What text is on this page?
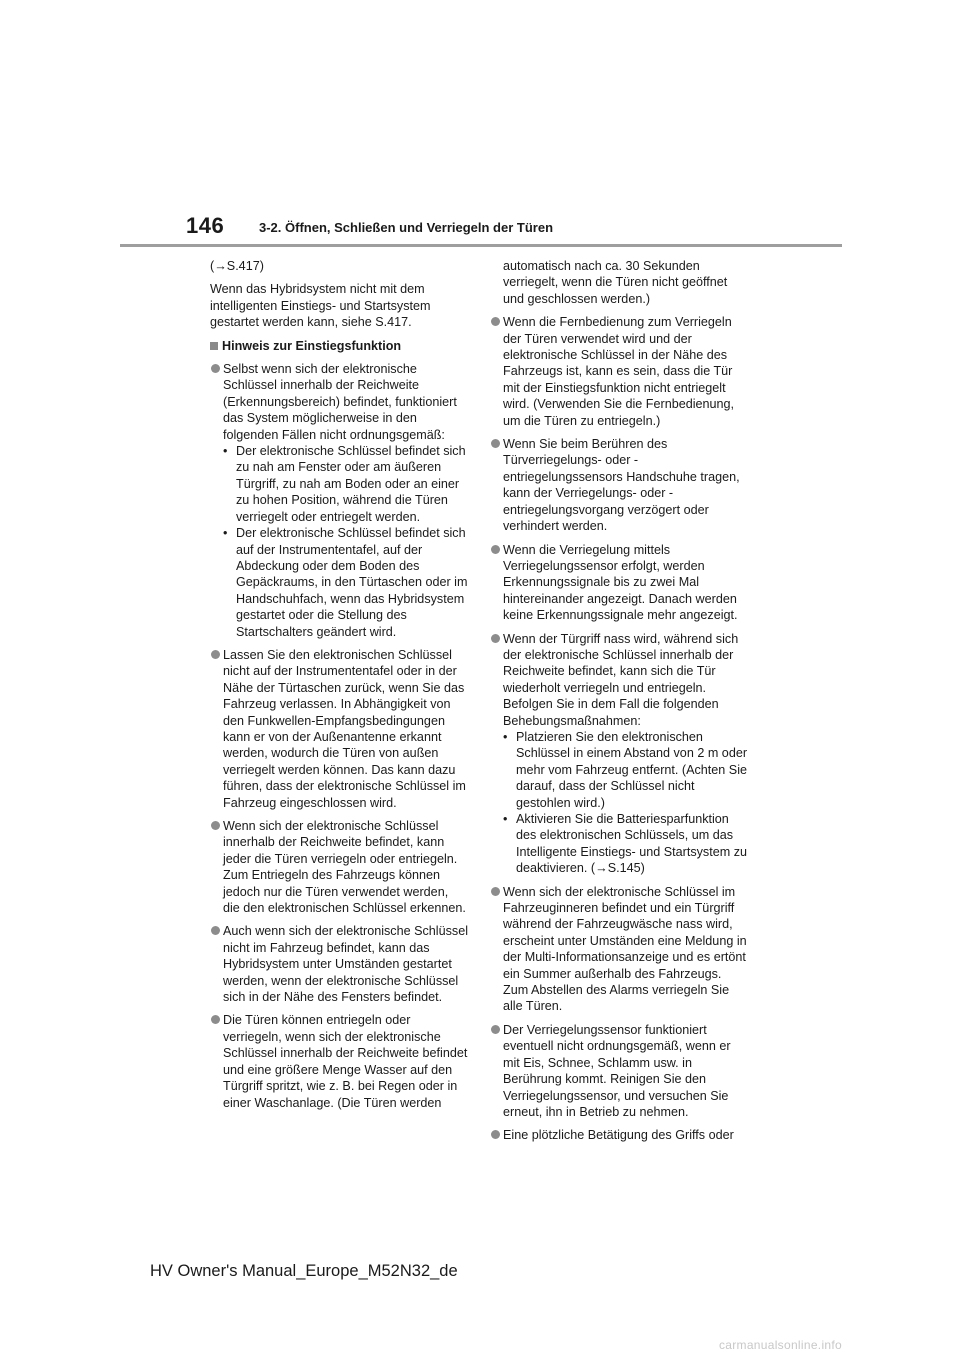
146	3-2. Öffnen, Schließen und Verriegeln der Türen

(→S.417)

Wenn das Hybridsystem nicht mit dem intelligenten Einstiegs- und Startsystem gestartet werden kann, siehe S.417.

Hinweis zur Einstiegsfunktion
Selbst wenn sich der elektronische Schlüssel innerhalb der Reichweite (Erkennungsbereich) befindet, funktioniert das System möglicherweise in den folgenden Fällen nicht ordnungsgemäß:
• Der elektronische Schlüssel befindet sich zu nah am Fenster oder am äußeren Türgriff, zu nah am Boden oder an einer zu hohen Position, während die Türen verriegelt oder entriegelt werden.
• Der elektronische Schlüssel befindet sich auf der Instrumententafel, auf der Abdeckung oder dem Boden des Gepäckraums, in den Türtaschen oder im Handschuhfach, wenn das Hybridsystem gestartet oder die Stellung des Startschalters geändert wird.
Lassen Sie den elektronischen Schlüssel nicht auf der Instrumententafel oder in der Nähe der Türtaschen zurück, wenn Sie das Fahrzeug verlassen. In Abhängigkeit von den Funkwellen-Empfangsbedingungen kann er von der Außenantenne erkannt werden, wodurch die Türen von außen verriegelt werden können. Das kann dazu führen, dass der elektronische Schlüssel im Fahrzeug eingeschlossen wird.
Wenn sich der elektronische Schlüssel innerhalb der Reichweite befindet, kann jeder die Türen verriegeln oder entriegeln. Zum Entriegeln des Fahrzeugs können jedoch nur die Türen verwendet werden, die den elektronischen Schlüssel erkennen.
Auch wenn sich der elektronische Schlüssel nicht im Fahrzeug befindet, kann das Hybridsystem unter Umständen gestartet werden, wenn der elektronische Schlüssel sich in der Nähe des Fensters befindet.
Die Türen können entriegeln oder verriegeln, wenn sich der elektronische Schlüssel innerhalb der Reichweite befindet und eine größere Menge Wasser auf den Türgriff spritzt, wie z. B. bei Regen oder in einer Waschanlage. (Die Türen werden
automatisch nach ca. 30 Sekunden verriegelt, wenn die Türen nicht geöffnet und geschlossen werden.)
Wenn die Fernbedienung zum Verriegeln der Türen verwendet wird und der elektronische Schlüssel in der Nähe des Fahrzeugs ist, kann es sein, dass die Tür mit der Einstiegsfunktion nicht entriegelt wird. (Verwenden Sie die Fernbedienung, um die Türen zu entriegeln.)
Wenn Sie beim Berühren des Türverriegelungs- oder -entriegelungssensors Handschuhe tragen, kann der Verriegelungs- oder -entriegelungsvorgang verzögert oder verhindert werden.
Wenn die Verriegelung mittels Verriegelungssensor erfolgt, werden Erkennungssignale bis zu zwei Mal hintereinander angezeigt. Danach werden keine Erkennungssignale mehr angezeigt.
Wenn der Türgriff nass wird, während sich der elektronische Schlüssel innerhalb der Reichweite befindet, kann sich die Tür wiederholt verriegeln und entriegeln. Befolgen Sie in dem Fall die folgenden Behebungsmaßnahmen:
• Platzieren Sie den elektronischen Schlüssel in einem Abstand von 2 m oder mehr vom Fahrzeug entfernt. (Achten Sie darauf, dass der Schlüssel nicht gestohlen wird.)
• Aktivieren Sie die Batteriesparfunktion des elektronischen Schlüssels, um das Intelligente Einstiegs- und Startsystem zu deaktivieren. (→S.145)
Wenn sich der elektronische Schlüssel im Fahrzeuginneren befindet und ein Türgriff während der Fahrzeugwäsche nass wird, erscheint unter Umständen eine Meldung in der Multi-Informationsanzeige und es ertönt ein Summer außerhalb des Fahrzeugs. Zum Abstellen des Alarms verriegeln Sie alle Türen.
Der Verriegelungssensor funktioniert eventuell nicht ordnungsgemäß, wenn er mit Eis, Schnee, Schlamm usw. in Berührung kommt. Reinigen Sie den Verriegelungssensor, und versuchen Sie erneut, ihn in Betrieb zu nehmen.
Eine plötzliche Betätigung des Griffs oder
HV Owner's Manual_Europe_M52N32_de
carmanualsonline.info
